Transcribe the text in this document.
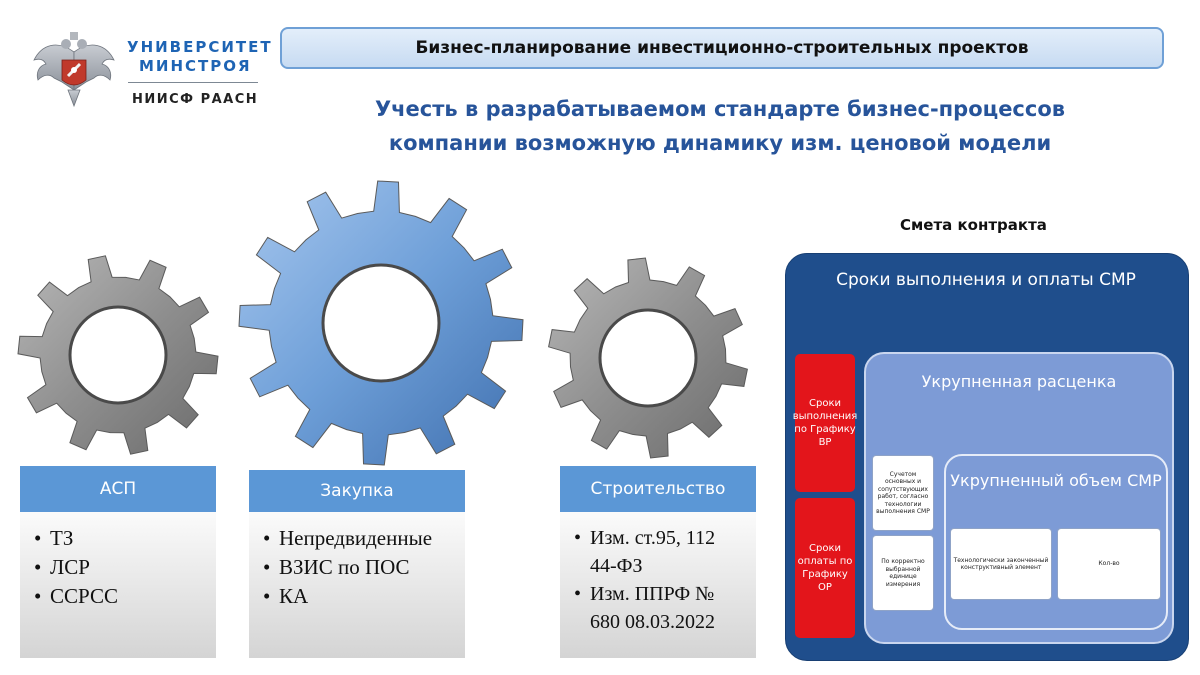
УНИВЕРСИТЕТ
МИНСТРОЯ
НИИСФ РААСН
Бизнес-планирование инвестиционно-строительных проектов
Учесть в разрабатываемом стандарте бизнес-процессов
компании возможную динамику изм. ценовой модели
АСП
• ТЗ
• ЛСР
• ССРСС
Закупка
• Непредвиденные
• ВЗИС по ПОС
• КА
Строительство
• Изм. ст.95, 112 44-ФЗ
• Изм. ППРФ № 680 08.03.2022
Смета контракта
Сроки выполнения и оплаты СМР
Сроки выполнения по Графику ВР
Сроки оплаты по Графику ОР
Укрупненная расценка
Сучетом основных и сопутствующих работ, согласно технологии выполнения СМР
По корректно выбранной единице измерения
Укрупненный объем СМР
Технологически законченный конструктивный элемент
Кол-во
